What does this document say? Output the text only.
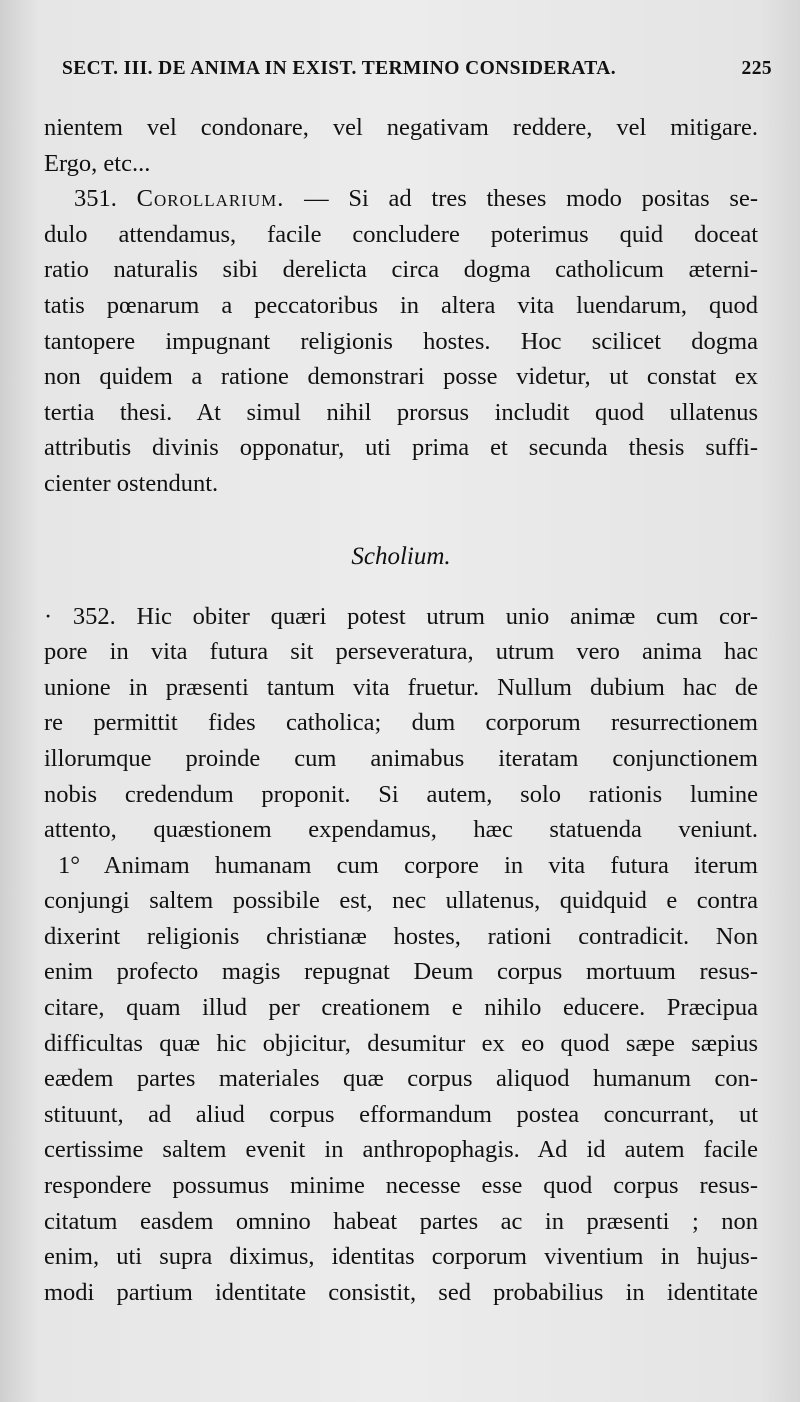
SECT. III. DE ANIMA IN EXIST. TERMINO CONSIDERATA.	225
nientem vel condonare, vel negativam reddere, vel mitigare.
Ergo, etc...
351. Corollarium. — Si ad tres theses modo positas se-
dulo attendamus, facile concludere poterimus quid doceat
ratio naturalis sibi derelicta circa dogma catholicum æterni-
tatis pœnarum a peccatoribus in altera vita luendarum, quod
tantopere impugnant religionis hostes. Hoc scilicet dogma
non quidem a ratione demonstrari posse videtur, ut constat ex
tertia thesi. At simul nihil prorsus includit quod ullatenus
attributis divinis opponatur, uti prima et secunda thesis suffi-
cienter ostendunt.
Scholium.
· 352. Hic obiter quæri potest utrum unio animæ cum cor-
pore in vita futura sit perseveratura, utrum vero anima hac
unione in præsenti tantum vita fruetur. Nullum dubium hac de
re permittit fides catholica; dum corporum resurrectionem
illorumque proinde cum animabus iteratam conjunctionem
nobis credendum proponit. Si autem, solo rationis lumine
attento, quæstionem expendamus, hæc statuenda veniunt.
1° Animam humanam cum corpore in vita futura iterum
conjungi saltem possibile est, nec ullatenus, quidquid e contra
dixerint religionis christianæ hostes, rationi contradicit. Non
enim profecto magis repugnat Deum corpus mortuum resus-
citare, quam illud per creationem e nihilo educere. Præcipua
difficultas quæ hic objicitur, desumitur ex eo quod sæpe sæpius
eædem partes materiales quæ corpus aliquod humanum con-
stituunt, ad aliud corpus efformandum postea concurrant, ut
certissime saltem evenit in anthropophagis. Ad id autem facile
respondere possumus minime necesse esse quod corpus resus-
citatum easdem omnino habeat partes ac in præsenti ; non
enim, uti supra diximus, identitas corporum viventium in hujus-
modi partium identitate consistit, sed probabilius in identitate
